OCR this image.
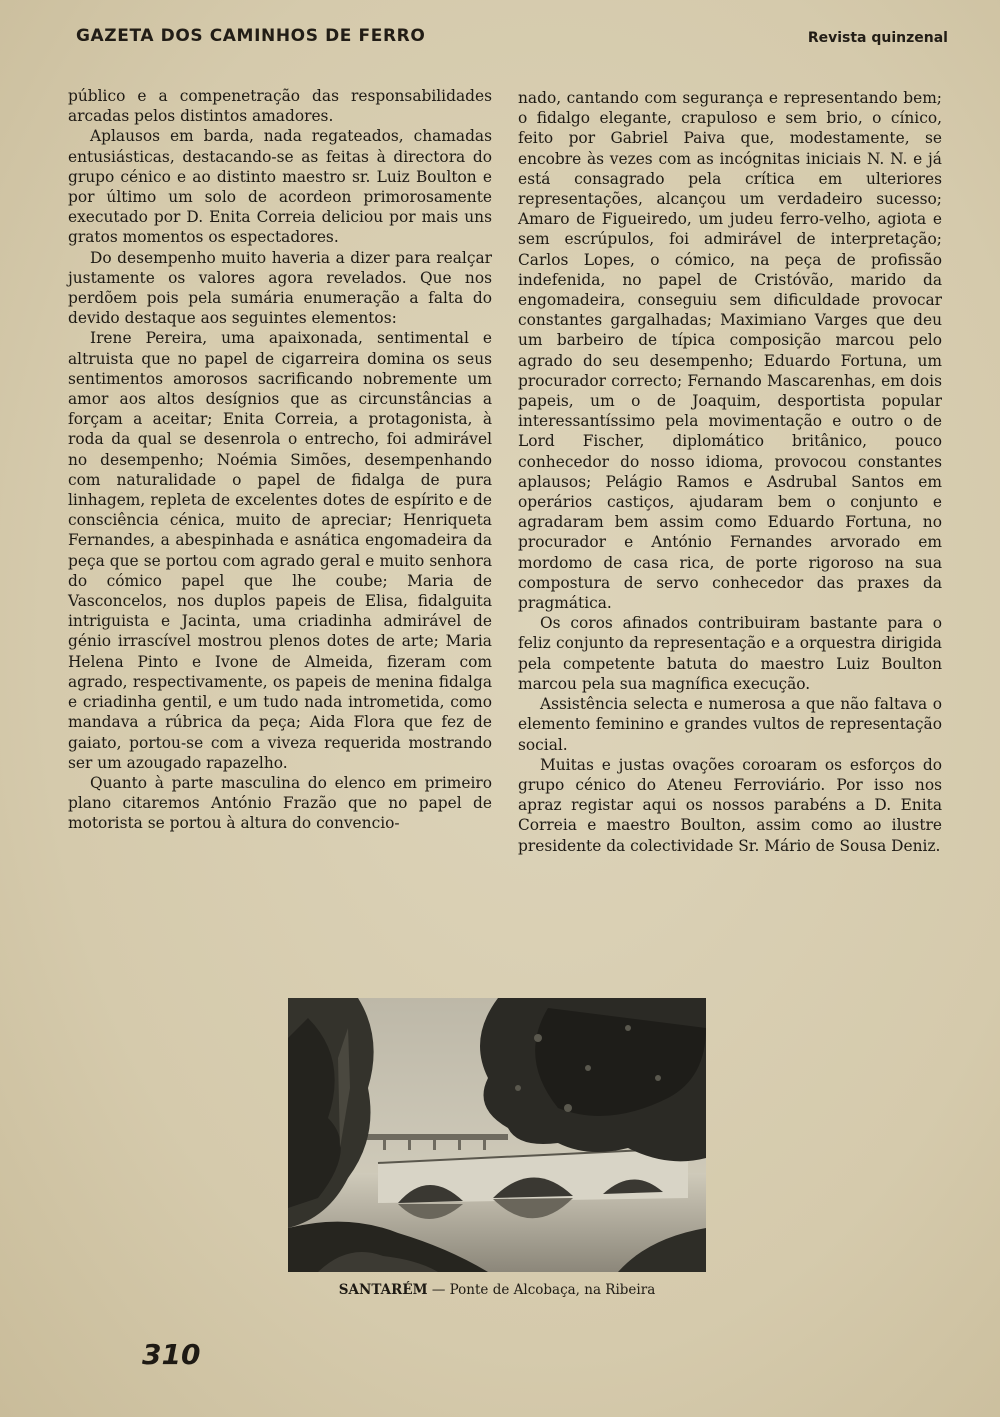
GAZETA DOS CAMINHOS DE FERRO	Revista quinzenal

público e a compenetração das responsabilidades arcadas pelos distintos amadores.

Aplausos em barda, nada regateados, chamadas entusiásticas, destacando-se as feitas à directora do grupo cénico e ao distinto maestro sr. Luiz Boulton e por último um solo de acordeon primorosamente executado por D. Enita Correia deliciou por mais uns gratos momentos os espectadores.

Do desempenho muito haveria a dizer para realçar justamente os valores agora revelados. Que nos perdõem pois pela sumária enumeração a falta do devido destaque aos seguintes elementos:

Irene Pereira, uma apaixonada, sentimental e altruista que no papel de cigarreira domina os seus sentimentos amorosos sacrificando nobremente um amor aos altos desígnios que as circunstâncias a forçam a aceitar; Enita Correia, a protagonista, à roda da qual se desenrola o entrecho, foi admirável no desempenho; Noémia Simões, desempenhando com naturalidade o papel de fidalga de pura linhagem, repleta de excelentes dotes de espírito e de consciência cénica, muito de apreciar; Henriqueta Fernandes, a abespinhada e asnática engomadeira da peça que se portou com agrado geral e muito senhora do cómico papel que lhe coube; Maria de Vasconcelos, nos duplos papeis de Elisa, fidalguita intriguista e Jacinta, uma criadinha admirável de génio irrascível mostrou plenos dotes de arte; Maria Helena Pinto e Ivone de Almeida, fizeram com agrado, respectivamente, os papeis de menina fidalga e criadinha gentil, e um tudo nada intrometida, como mandava a rúbrica da peça; Aida Flora que fez de gaiato, portou-se com a viveza requerida mostrando ser um azougado rapazelho.

Quanto à parte masculina do elenco em primeiro plano citaremos António Frazão que no papel de motorista se portou à altura do convencio-

nado, cantando com segurança e representando bem; o fidalgo elegante, crapuloso e sem brio, o cínico, feito por Gabriel Paiva que, modestamente, se encobre às vezes com as incógnitas iniciais N. N. e já está consagrado pela crítica em ulteriores representações, alcançou um verdadeiro sucesso; Amaro de Figueiredo, um judeu ferro-velho, agiota e sem escrúpulos, foi admirável de interpretação; Carlos Lopes, o cómico, na peça de profissão indefenida, no papel de Cristóvão, marido da engomadeira, conseguiu sem dificuldade provocar constantes gargalhadas; Maximiano Varges que deu um barbeiro de típica composição marcou pelo agrado do seu desempenho; Eduardo Fortuna, um procurador correcto; Fernando Mascarenhas, em dois papeis, um o de Joaquim, desportista popular interessantíssimo pela movimentação e outro o de Lord Fischer, diplomático britânico, pouco conhecedor do nosso idioma, provocou constantes aplausos; Pelágio Ramos e Asdrubal Santos em operários castiços, ajudaram bem o conjunto e agradaram bem assim como Eduardo Fortuna, no procurador e António Fernandes arvorado em mordomo de casa rica, de porte rigoroso na sua compostura de servo conhecedor das praxes da pragmática.

Os coros afinados contribuiram bastante para o feliz conjunto da representação e a orquestra dirigida pela competente batuta do maestro Luiz Boulton marcou pela sua magnífica execução.

Assistência selecta e numerosa a que não faltava o elemento feminino e grandes vultos de representação social.

Muitas e justas ovações coroaram os esforços do grupo cénico do Ateneu Ferroviário. Por isso nos apraz registar aqui os nossos parabéns a D. Enita Correia e maestro Boulton, assim como ao ilustre presidente da colectividade Sr. Mário de Sousa Deniz.

SANTARÉM — Ponte de Alcobaça, na Ribeira
310
